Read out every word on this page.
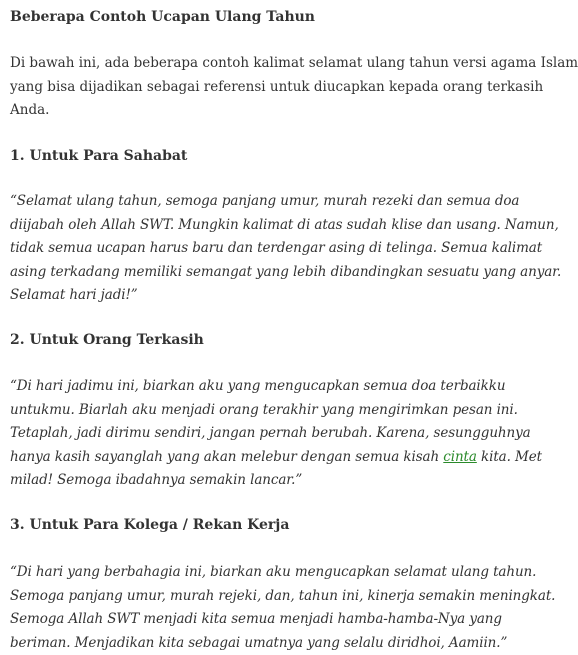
Beberapa Contoh Ucapan Ulang Tahun

Di bawah ini, ada beberapa contoh kalimat selamat ulang tahun versi agama Islam
yang bisa dijadikan sebagai referensi untuk diucapkan kepada orang terkasih
Anda.

1. Untuk Para Sahabat

“Selamat ulang tahun, semoga panjang umur, murah rezeki dan semua doa
diijabah oleh Allah SWT. Mungkin kalimat di atas sudah klise dan usang. Namun,
tidak semua ucapan harus baru dan terdengar asing di telinga. Semua kalimat
asing terkadang memiliki semangat yang lebih dibandingkan sesuatu yang anyar.
Selamat hari jadi!”

2. Untuk Orang Terkasih

“Di hari jadimu ini, biarkan aku yang mengucapkan semua doa terbaikku
untukmu. Biarlah aku menjadi orang terakhir yang mengirimkan pesan ini.
Tetaplah, jadi dirimu sendiri, jangan pernah berubah. Karena, sesungguhnya
hanya kasih sayanglah yang akan melebur dengan semua kisah cinta kita. Met
milad! Semoga ibadahnya semakin lancar.”

3. Untuk Para Kolega / Rekan Kerja

“Di hari yang berbahagia ini, biarkan aku mengucapkan selamat ulang tahun.
Semoga panjang umur, murah rejeki, dan, tahun ini, kinerja semakin meningkat.
Semoga Allah SWT menjadi kita semua menjadi hamba-hamba-Nya yang
beriman. Menjadikan kita sebagai umatnya yang selalu diridhoi, Aamiin.”
